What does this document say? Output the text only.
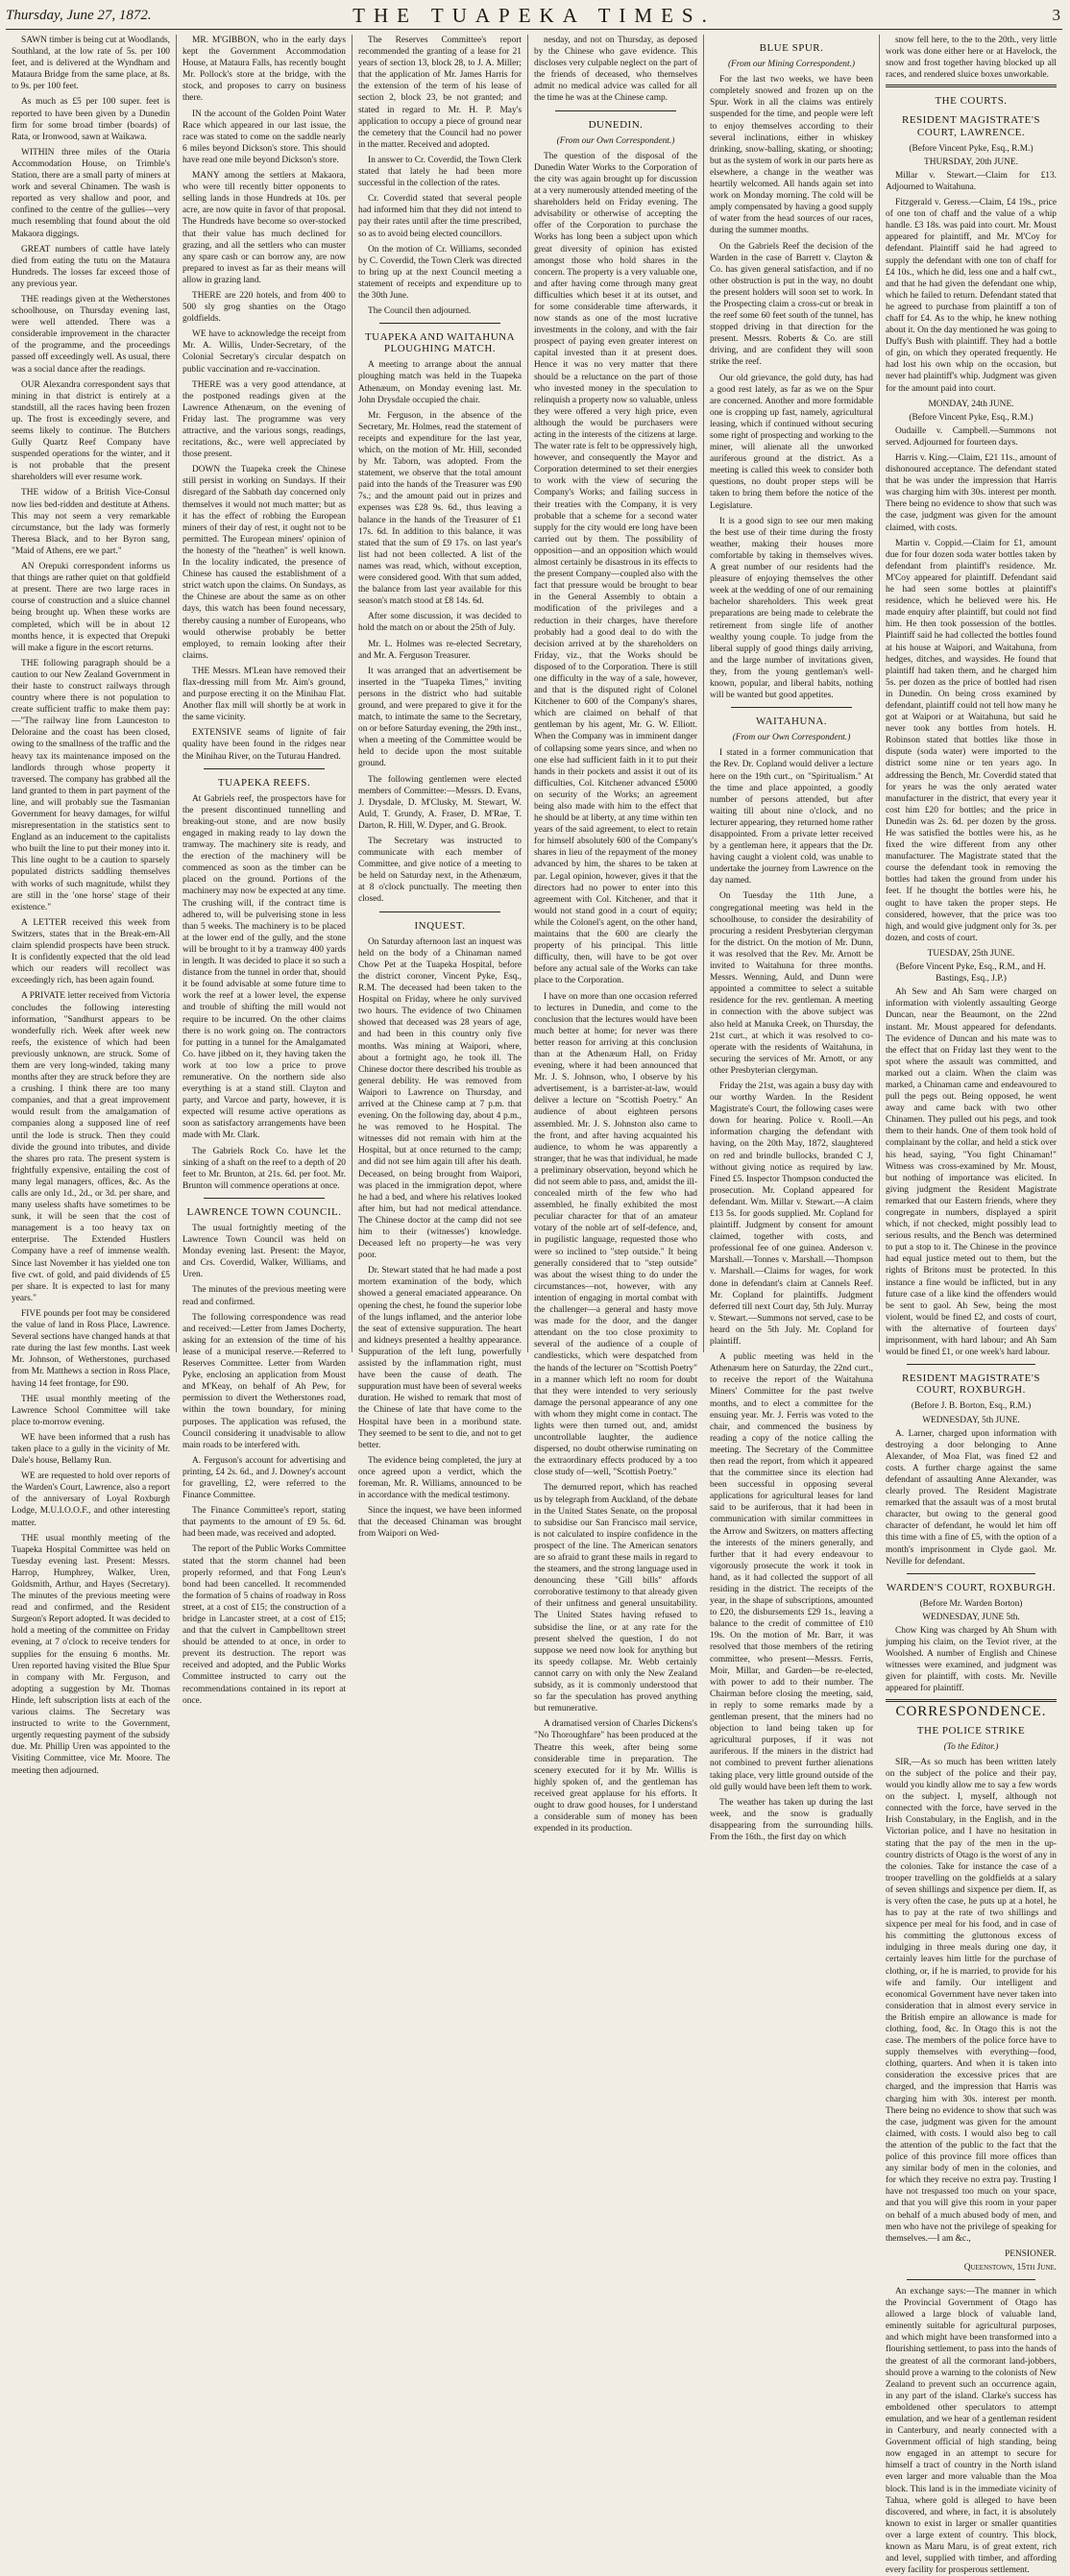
Thursday, June 27, 1872.	THE TUAPEKA TIMES.	3

SAWN timber is being cut at Woodlands, Southland, at the low rate of 5s. per 100 feet, and is delivered at the Wyndham and Mataura Bridge from the same place, at 8s. to 9s. per 100 feet.

As much as £5 per 100 super. feet is reported to have been given by a Dunedin firm for some broad timber (boards) of Rata, or Ironwood, sawn at Waikawa.

WITHIN three miles of the Otaria Accommodation House, on Trimble's Station, there are a small party of miners at work and several Chinamen. The wash is reported as very shallow and poor, and confined to the centre of the gullies—very much resembling that found about the old Makaora diggings.

GREAT numbers of cattle have lately died from eating the tutu on the Mataura Hundreds. The losses far exceed those of any previous year.

THE readings given at the Wetherstones schoolhouse, on Thursday evening last, were well attended. There was a considerable improvement in the character of the programme, and the proceedings passed off exceedingly well. As usual, there was a social dance after the readings.

OUR Alexandra correspondent says that mining in that district is entirely at a standstill, all the races having been frozen up. The frost is exceedingly severe, and seems likely to continue. The Butchers Gully Quartz Reef Company have suspended operations for the winter, and it is not probable that the present shareholders will ever resume work.

THE widow of a British Vice-Consul now lies bed-ridden and destitute at Athens. This may not seem a very remarkable circumstance, but the lady was formerly Theresa Black, and to her Byron sang, "Maid of Athens, ere we part."

AN Orepuki correspondent informs us that things are rather quiet on that goldfield at present. There are two large races in course of construction and a sluice channel being brought up. When these works are completed, which will be in about 12 months hence, it is expected that Orepuki will make a figure in the escort returns.

THE following paragraph should be a caution to our New Zealand Government in their haste to construct railways through country where there is not population to create sufficient traffic to make them pay:—"The railway line from Launceston to Deloraine and the coast has been closed, owing to the smallness of the traffic and the heavy tax its maintenance imposed on the landlords through whose property it traversed. The company has grabbed all the land granted to them in part payment of the line, and will probably sue the Tasmanian Government for heavy damages, for wilful misrepresentation in the statistics sent to England as an inducement to the capitalists who built the line to put their money into it. This line ought to be a caution to sparsely populated districts saddling themselves with works of such magnitude, whilst they are still in the 'one horse' stage of their existence."

A LETTER received this week from Switzers, states that in the Break-em-All claim splendid prospects have been struck. It is confidently expected that the old lead which our readers will recollect was exceedingly rich, has been again found.

A PRIVATE letter received from Victoria concludes the following interesting information, "Sandhurst appears to be wonderfully rich. Week after week new reefs, the existence of which had been previously unknown, are struck. Some of them are very long-winded, taking many months after they are struck before they are a crushing. I think there are too many companies, and that a great improvement would result from the amalgamation of companies along a supposed line of reef until the lode is struck. Then they could divide the ground into tributes, and divide the shares pro rata. The present system is frightfully expensive, entailing the cost of many legal managers, offices, &c. As the calls are only 1d., 2d., or 3d. per share, and many useless shafts have sometimes to be sunk, it will be seen that the cost of management is a too heavy tax on enterprise. The Extended Hustlers Company have a reef of immense wealth. Since last November it has yielded one ton five cwt. of gold, and paid dividends of £5 per share. It is expected to last for many years."

FIVE pounds per foot may be considered the value of land in Ross Place, Lawrence. Several sections have changed hands at that rate during the last few months. Last week Mr. Johnson, of Wetherstones, purchased from Mr. Matthews a section in Ross Place, having 14 feet frontage, for £90.

THE usual monthly meeting of the Lawrence School Committee will take place to-morrow evening.

WE have been informed that a rush has taken place to a gully in the vicinity of Mr. Dale's house, Bellamy Run.

WE are requested to hold over reports of the Warden's Court, Lawrence, also a report of the anniversary of Loyal Roxburgh Lodge, M.U.I.O.O.F., and other interesting matter.

THE usual monthly meeting of the Tuapeka Hospital Committee was held on Tuesday evening last. Present: Messrs. Harrop, Humphrey, Walker, Uren, Goldsmith, Arthur, and Hayes (Secretary). The minutes of the previous meeting were read and confirmed, and the Resident Surgeon's Report adopted. It was decided to hold a meeting of the committee on Friday evening, at 7 o'clock to receive tenders for supplies for the ensuing 6 months. Mr. Uren reported having visited the Blue Spur in company with Mr. Ferguson, and adopting a suggestion by Mr. Thomas Hinde, left subscription lists at each of the various claims. The Secretary was instructed to write to the Government, urgently requesting payment of the subsidy due. Mr. Phillip Uren was appointed to the Visiting Committee, vice Mr. Moore. The meeting then adjourned.

MR. M'GIBBON, who in the early days kept the Government Accommodation House, at Mataura Falls, has recently bought Mr. Pollock's store at the bridge, with the stock, and proposes to carry on business there.

IN the account of the Golden Point Water Race which appeared in our last issue, the race was stated to come on the saddle nearly 6 miles beyond Dickson's store. This should have read one mile beyond Dickson's store.

MANY among the settlers at Makaora, who were till recently bitter opponents to selling lands in those Hundreds at 10s. per acre, are now quite in favor of that proposal. The Hundreds have become so over-stocked that their value has much declined for grazing, and all the settlers who can muster any spare cash or can borrow any, are now prepared to invest as far as their means will allow in grazing land.

THERE are 220 hotels, and from 400 to 500 sly grog shanties on the Otago goldfields.

WE have to acknowledge the receipt from Mr. A. Willis, Under-Secretary, of the Colonial Secretary's circular despatch on public vaccination and re-vaccination.

THERE was a very good attendance, at the postponed readings given at the Lawrence Athenæum, on the evening of Friday last. The programme was very attractive, and the various songs, readings, recitations, &c., were well appreciated by those present.

DOWN the Tuapeka creek the Chinese still persist in working on Sundays. If their disregard of the Sabbath day concerned only themselves it would not much matter; but as it has the effect of robbing the European miners of their day of rest, it ought not to be permitted. The European miners' opinion of the honesty of the "heathen" is well known. In the locality indicated, the presence of Chinese has caused the establishment of a strict watch upon the claims. On Sundays, as the Chinese are about the same as on other days, this watch has been found necessary, thereby causing a number of Europeans, who would otherwise probably be better employed, to remain looking after their claims.

THE Messrs. M'Lean have removed their flax-dressing mill from Mr. Aim's ground, and purpose erecting it on the Minihau Flat. Another flax mill will shortly be at work in the same vicinity.

EXTENSIVE seams of lignite of fair quality have been found in the ridges near the Minihau River, on the Tuturau Handred.

TUAPEKA REEFS.

At Gabriels reef, the prospectors have for the present discontinued tunnelling and breaking-out stone, and are now busily engaged in making ready to lay down the tramway. The machinery site is ready, and the erection of the machinery will be commenced as soon as the timber can be placed on the ground. Portions of the machinery may now be expected at any time. The crushing will, if the contract time is adhered to, will be pulverising stone in less than 5 weeks. The machinery is to be placed at the lower end of the gully, and the stone will be brought to it by a tramway 400 yards in length. It was decided to place it so such a distance from the tunnel in order that, should it be found advisable at some future time to work the reef at a lower level, the expense and trouble of shifting the mill would not require to be incurred. On the other claims there is no work going on. The contractors for putting in a tunnel for the Amalgamated Co. have jibbed on it, they having taken the work at too low a price to prove remunerative. On the northern side also everything is at a stand still. Clayton and party, and Varcoe and party, however, it is expected will resume active operations as soon as satisfactory arrangements have been made with Mr. Clark.

The Gabriels Rock Co. have let the sinking of a shaft on the reef to a depth of 20 feet to Mr. Brunton, at 21s. 6d. per foot. Mr. Brunton will commence operations at once.

LAWRENCE TOWN COUNCIL.

The usual fortnightly meeting of the Lawrence Town Council was held on Monday evening last. Present: the Mayor, and Crs. Coverdid, Walker, Williams, and Uren.

The minutes of the previous meeting were read and confirmed.

The following correspondence was read and received:—Letter from James Docherty, asking for an extension of the time of his lease of a municipal reserve.—Referred to Reserves Committee. Letter from Warden Pyke, enclosing an application from Moust and M'Keay, on behalf of Ah Pew, for permission to divert the Wetherstones road, within the town boundary, for mining purposes. The application was refused, the Council considering it unadvisable to allow main roads to be interfered with.

A. Ferguson's account for advertising and printing, £4 2s. 6d., and J. Downey's account for gravelling, £2, were referred to the Finance Committee.

The Finance Committee's report, stating that payments to the amount of £9 5s. 6d. had been made, was received and adopted.

The report of the Public Works Committee stated that the storm channel had been properly reformed, and that Fong Leun's bond had been cancelled. It recommended the formation of 5 chains of roadway in Ross street, at a cost of £15; the construction of a bridge in Lancaster street, at a cost of £15; and that the culvert in Campbelltown street should be attended to at once, in order to prevent its destruction. The report was received and adopted, and the Public Works Committee instructed to carry out the recommendations contained in its report at once.

The Reserves Committee's report recommended the granting of a lease for 21 years of section 13, block 28, to J. A. Miller; that the application of Mr. James Harris for the extension of the term of his lease of section 2, block 23, be not granted; and stated in regard to Mr. H. P. May's application to occupy a piece of ground near the cemetery that the Council had no power in the matter. Received and adopted.

In answer to Cr. Coverdid, the Town Clerk stated that lately he had been more successful in the collection of the rates.

Cr. Coverdid stated that several people had informed him that they did not intend to pay their rates until after the time prescribed, so as to avoid being elected councillors.

On the motion of Cr. Williams, seconded by C. Coverdid, the Town Clerk was directed to bring up at the next Council meeting a statement of receipts and expenditure up to the 30th June.

The Council then adjourned.

TUAPEKA AND WAITAHUNA PLOUGHING MATCH.

A meeting to arrange about the annual ploughing match was held in the Tuapeka Athenæum, on Monday evening last. Mr. John Drysdale occupied the chair.

Mr. Ferguson, in the absence of the Secretary, Mr. Holmes, read the statement of receipts and expenditure for the last year, which, on the motion of Mr. Hill, seconded by Mr. Taborn, was adopted. From the statement, we observe that the total amount paid into the hands of the Treasurer was £90 7s.; and the amount paid out in prizes and expenses was £28 9s. 6d., thus leaving a balance in the hands of the Treasurer of £1 17s. 6d. In addition to this balance, it was stated that the sum of £9 17s. on last year's list had not been collected. A list of the names was read, which, without exception, were considered good. With that sum added, the balance from last year available for this season's match stood at £8 14s. 6d.

After some discussion, it was decided to hold the match on or about the 25th of July.

Mr. L. Holmes was re-elected Secretary, and Mr. A. Ferguson Treasurer.

It was arranged that an advertisement be inserted in the "Tuapeka Times," inviting persons in the district who had suitable ground, and were prepared to give it for the match, to intimate the same to the Secretary, on or before Saturday evening, the 29th inst., when a meeting of the Committee would be held to decide upon the most suitable ground.

The following gentlemen were elected members of Committee:—Messrs. D. Evans, J. Drysdale, D. M'Clusky, M. Stewart, W. Auld, T. Grundy, A. Fraser, D. M'Rae, T. Darton, R. Hill, W. Dyper, and G. Brook.

The Secretary was instructed to communicate with each member of Committee, and give notice of a meeting to be held on Saturday next, in the Athenæum, at 8 o'clock punctually. The meeting then closed.

INQUEST.

On Saturday afternoon last an inquest was held on the body of a Chinaman named Chow Pet at the Tuapeka Hospital, before the district coroner, Vincent Pyke, Esq., R.M. The deceased had been taken to the Hospital on Friday, where he only survived two hours. The evidence of two Chinamen showed that deceased was 28 years of age, and had been in this country only five months. Was mining at Waipori, where, about a fortnight ago, he took ill. The Chinese doctor there described his trouble as general debility. He was removed from Waipori to Lawrence on Thursday, and arrived at the Chinese camp at 7 p.m. that evening. On the following day, about 4 p.m., he was removed to he Hospital. The witnesses did not remain with him at the Hospital, but at once returned to the camp; and did not see him again till after his death. Deceased, on being brought from Waipori, was placed in the immigration depot, where he had a bed, and where his relatives looked after him, but had not medical attendance. The Chinese doctor at the camp did not see him to their (witnesses') knowledge. Deceased left no property—he was very poor.

Dr. Stewart stated that he had made a post mortem examination of the body, which showed a general emaciated appearance. On opening the chest, he found the superior lobe of the lungs inflamed, and the anterior lobe the seat of extensive suppuration. The heart and kidneys presented a healthy appearance. Suppuration of the left lung, powerfully assisted by the inflammation right, must have been the cause of death. The suppuration must have been of several weeks duration. He wished to remark that most of the Chinese of late that have come to the Hospital have been in a moribund state. They seemed to be sent to die, and not to get better.

The evidence being completed, the jury at once agreed upon a verdict, which the foreman, Mr. R. Williams, announced to be in accordance with the medical testimony.

Since the inquest, we have been informed that the deceased Chinaman was brought from Waipori on Wed-

nesday, and not on Thursday, as deposed by the Chinese who gave evidence. This discloses very culpable neglect on the part of the friends of deceased, who themselves admit no medical advice was called for all the time he was at the Chinese camp.

DUNEDIN.
(From our Own Correspondent.)

The question of the disposal of the Dunedin Water Works to the Corporation of the city was again brought up for discussion at a very numerously attended meeting of the shareholders held on Friday evening. The advisability or otherwise of accepting the offer of the Corporation to purchase the Works has long been a subject upon which great diversity of opinion has existed amongst those who hold shares in the concern. The property is a very valuable one, and after having come through many great difficulties which beset it at its outset, and for some considerable time afterwards, it now stands as one of the most lucrative investments in the colony, and with the fair prospect of paying even greater interest on capital invested than it at present does. Hence it was no very matter that there should be a reluctance on the part of those who invested money in the speculation to relinquish a property now so valuable, unless they were offered a very high price, even although the would be purchasers were acting in the interests of the citizens at large. The water rate is felt to be oppressively high, however, and consequently the Mayor and Corporation determined to set their energies to work with the view of securing the Company's Works; and failing success in their treaties with the Company, it is very probable that a scheme for a second water supply for the city would ere long have been carried out by them. The possibility of opposition—and an opposition which would almost certainly be disastrous in its effects to the present Company—coupled also with the fact that pressure would be brought to bear in the General Assembly to obtain a modification of the privileges and a reduction in their charges, have therefore probably had a good deal to do with the decision arrived at by the shareholders on Friday, viz., that the Works should be disposed of to the Corporation. There is still one difficulty in the way of a sale, however, and that is the disputed right of Colonel Kitchener to 600 of the Company's shares, which are claimed on behalf of that gentleman by his agent, Mr. G. W. Elliott. When the Company was in imminent danger of collapsing some years since, and when no one else had sufficient faith in it to put their hands in their pockets and assist it out of its difficulties, Col. Kitchener advanced £5000 on security of the Works; an agreement being also made with him to the effect that he should be at liberty, at any time within ten years of the said agreement, to elect to retain for himself absolutely 600 of the Company's shares in lieu of the repayment of the money advanced by him, the shares to be taken at par. Legal opinion, however, gives it that the directors had no power to enter into this agreement with Col. Kitchener, and that it would not stand good in a court of equity; while the Colonel's agent, on the other hand, maintains that the 600 are clearly the property of his principal. This little difficulty, then, will have to be got over before any actual sale of the Works can take place to the Corporation.

I have on more than one occasion referred to lectures in Dunedin, and come to the conclusion that the lectures would have been much better at home; for never was there better reason for arriving at this conclusion than at the Athenæum Hall, on Friday evening, where it had been announced that Mr. J. S. Johnson, who, I observe by his advertisement, is a barrister-at-law, would deliver a lecture on "Scottish Poetry." An audience of about eighteen persons assembled. Mr. J. S. Johnston also came to the front, and after having acquainted his audience, to whom he was apparently a stranger, that he was that individual, he made a preliminary observation, beyond which he did not seem able to pass, and, amidst the ill-concealed mirth of the few who had assembled, he finally exhibited the most peculiar character for that of an amateur votary of the noble art of self-defence, and, in pugilistic language, requested those who were so inclined to "step outside." It being generally considered that to "step outside" was about the wisest thing to do under the circumstances—not, however, with any intention of engaging in mortal combat with the challenger—a general and hasty move was made for the door, and the danger attendant on the too close proximity to several of the audience of a couple of candlesticks, which were despatched from the hands of the lecturer on "Scottish Poetry" in a manner which left no room for doubt that they were intended to very seriously damage the personal appearance of any one with whom they might come in contact. The lights were then turned out, and, amidst uncontrollable laughter, the audience dispersed, no doubt otherwise ruminating on the extraordinary effects produced by a too close study of—well, "Scottish Poetry."

The demurred report, which has reached us by telegraph from Auckland, of the debate in the United States Senate, on the proposal to subsidise our San Francisco mail service, is not calculated to inspire confidence in the prospect of the line. The American senators are so afraid to grant these mails in regard to the steamers, and the strong language used in denouncing these "Gill bills" affords corroborative testimony to that already given of their unfitness and general unsuitability. The United States having refused to subsidise the line, or at any rate for the present shelved the question, I do not suppose we need now look for anything but its speedy collapse. Mr. Webb certainly cannot carry on with only the New Zealand subsidy, as it is commonly understood that so far the speculation has proved anything but remunerative.

A dramatised version of Charles Dickens's "No Thoroughfare" has been produced at the Theatre this week, after being some considerable time in preparation. The scenery executed for it by Mr. Willis is highly spoken of, and the gentleman has received great applause for his efforts. It ought to draw good houses, for I understand a considerable sum of money has been expended in its production.

BLUE SPUR.
(From our Mining Correspondent.)

For the last two weeks, we have been completely snowed and frozen up on the Spur. Work in all the claims was entirely suspended for the time, and people were left to enjoy themselves according to their several inclinations, either in whiskey drinking, snow-balling, skating, or shooting; but as the system of work in our parts here as elsewhere, a change in the weather was heartily welcomed. All hands again set into work on Monday morning. The cold will be amply compensated by having a good supply of water from the head sources of our races, during the summer months.

On the Gabriels Reef the decision of the Warden in the case of Barrett v. Clayton & Co. has given general satisfaction, and if no other obstruction is put in the way, no doubt the present holders will soon set to work. In the Prospecting claim a cross-cut or break in the reef some 60 feet south of the tunnel, has stopped driving in that direction for the present. Messrs. Roberts & Co. are still driving, and are confident they will soon strike the reef.

Our old grievance, the gold duty, has had a good rest lately, as far as we on the Spur are concerned. Another and more formidable one is cropping up fast, namely, agricultural leasing, which if continued without securing some right of prospecting and working to the miner, will alienate all the unworked auriferous ground at the district. As a meeting is called this week to consider both questions, no doubt proper steps will be taken to bring them before the notice of the Legislature.

It is a good sign to see our men making the best use of their time during the frosty weather, making their houses more comfortable by taking in themselves wives. A great number of our residents had the pleasure of enjoying themselves the other week at the wedding of one of our remaining bachelor shareholders. This week great preparations are being made to celebrate the retirement from single life of another wealthy young couple. To judge from the liberal supply of good things daily arriving, and the large number of invitations given, they, from the young gentleman's well-known, popular, and liberal habits, nothing will be wanted but good appetites.

WAITAHUNA.
(From our Own Correspondent.)

I stated in a former communication that the Rev. Dr. Copland would deliver a lecture here on the 19th curt., on "Spiritualism." At the time and place appointed, a goodly number of persons attended, but after waiting till about nine o'clock, and no lecturer appearing, they returned home rather disappointed. From a private letter received by a gentleman here, it appears that the Dr. having caught a violent cold, was unable to undertake the journey from Lawrence on the day named.

On Tuesday the 11th June, a congregational meeting was held in the schoolhouse, to consider the desirability of procuring a resident Presbyterian clergyman for the district. On the motion of Mr. Dunn, it was resolved that the Rev. Mr. Arnott be invited to Waitahuna for three months. Messrs. Wenning, Auld, and Dunn were appointed a committee to select a suitable residence for the rev. gentleman. A meeting in connection with the above subject was also held at Manuka Creek, on Thursday, the 21st curt., at which it was resolved to co-operate with the residents of Waitahuna, in securing the services of Mr. Arnott, or any other Presbyterian clergyman.

Friday the 21st, was again a busy day with our worthy Warden. In the Resident Magistrate's Court, the following cases were down for hearing. Police v. Rooll.—An information charging the defendant with having, on the 20th May, 1872, slaughtered on red and brindle bullocks, branded C J, without giving notice as required by law. Fined £5. Inspector Thompson conducted the prosecution. Mr. Copland appeared for defendant. Wm. Millar v. Stewart.—A claim £13 5s. for goods supplied. Mr. Copland for plaintiff. Judgment by consent for amount claimed, together with costs, and professional fee of one guinea. Anderson v. Marshall.—Tonnes v. Marshall.—Thompson v. Marshall.—Claims for wages, for work done in defendant's claim at Cannels Reef. Mr. Copland for plaintiffs. Judgment deferred till next Court day, 5th July. Murray v. Stewart.—Summons not served, case to be heard on the 5th July. Mr. Copland for plaintiff.

A public meeting was held in the Athenæum here on Saturday, the 22nd curt., to receive the report of the Waitahuna Miners' Committee for the past twelve months, and to elect a committee for the ensuing year. Mr. J. Ferris was voted to the chair, and commenced the business by reading a copy of the notice calling the meeting. The Secretary of the Committee then read the report, from which it appeared that the committee since its election had been successful in opposing several applications for agricultural leases for land said to be auriferous, that it had been in communication with similar committees in the Arrow and Switzers, on matters affecting the interests of the miners generally, and further that it had every endeavour to vigorously prosecute the work it took in hand, as it had collected the support of all residing in the district. The receipts of the year, in the shape of subscriptions, amounted to £20, the disbursements £29 1s., leaving a balance to the credit of committee of £10 19s. On the motion of Mr. Barr, it was resolved that those members of the retiring committee, who present—Messrs. Ferris, Moir, Millar, and Garden—be re-elected, with power to add to their number. The Chairman before closing the meeting, said, in reply to some remarks made by a gentleman present, that the miners had no objection to land being taken up for agricultural purposes, if it was not auriferous. If the miners in the district had not combined to prevent further alienations taking place, very little ground outside of the old gully would have been left them to work.

The weather has taken up during the last week, and the snow is gradually disappearing from the surrounding hills. From the 16th., the first day on which

snow fell here, to the to the 20th., very little work was done either here or at Havelock, the snow and frost together having blocked up all races, and rendered sluice boxes unworkable.

THE COURTS.
RESIDENT MAGISTRATE'S COURT, LAWRENCE.
(Before Vincent Pyke, Esq., R.M.)
THURSDAY, 20th JUNE.

Millar v. Stewart.—Claim for £13. Adjourned to Waitahuna.

Fitzgerald v. Geress.—Claim, £4 19s., price of one ton of chaff and the value of a whip handle. £3 18s. was paid into court. Mr. Moust appeared for plaintiff, and Mr. M'Coy for defendant. Plaintiff said he had agreed to supply the defendant with one ton of chaff for £4 10s., which he did, less one and a half cwt., and that he had given the defendant one whip, which he failed to return. Defendant stated that he agreed to purchase from plaintiff a ton of chaff for £4. As to the whip, he knew nothing about it. On the day mentioned he was going to Duffy's Bush with plaintiff. They had a bottle of gin, on which they operated frequently. He had lost his own whip on the occasion, but never had plaintiff's whip. Judgment was given for the amount paid into court.

MONDAY, 24th JUNE.
(Before Vincent Pyke, Esq., R.M.)

Oudaille v. Campbell.—Summons not served. Adjourned for fourteen days.

Harris v. King.—Claim, £21 11s., amount of dishonoured acceptance. The defendant stated that he was under the impression that Harris was charging him with 30s. interest per month. There being no evidence to show that such was the case, judgment was given for the amount claimed, with costs.

Martin v. Coppid.—Claim for £1, amount due for four dozen soda water bottles taken by defendant from plaintiff's residence. Mr. M'Coy appeared for plaintiff. Defendant said he had seen some bottles at plaintiff's residence, which he believed were his. He made enquiry after plaintiff, but could not find him. He then took possession of the bottles. Plaintiff said he had collected the bottles found at his house at Waipori, and Waitahuna, from hedges, ditches, and waysides. He found that plaintiff had taken them, and he charged him 5s. per dozen as the price of bottled had risen in Dunedin. On being cross examined by defendant, plaintiff could not tell how many he got at Waipori or at Waitahuna, but said he never took any bottles from hotels. H. Robinson stated that bottles like those in dispute (soda water) were imported to the district some nine or ten years ago. In addressing the Bench, Mr. Coverdid stated that for years he was the only aerated water manufacturer in the district, that every year it cost him £20 for bottles; and the price in Dunedin was 2s. 6d. per dozen by the gross. He was satisfied the bottles were his, as he fixed the wire different from any other manufacturer. The Magistrate stated that the course the defendant took in removing the bottles had taken the ground from under his feet. If he thought the bottles were his, he ought to have taken the proper steps. He considered, however, that the price was too high, and would give judgment only for 3s. per dozen, and costs of court.

TUESDAY, 25th JUNE.
(Before Vincent Pyke, Esq., R.M., and H. Bastings, Esq., J.P.)

Ah Sew and Ah Sam were charged on information with violently assaulting George Duncan, near the Beaumont, on the 22nd instant. Mr. Moust appeared for defendants. The evidence of Duncan and his mate was to the effect that on Friday last they went to the spot where the assault was committed, and marked out a claim. When the claim was marked, a Chinaman came and endeavoured to pull the pegs out. Being opposed, he went away and came back with two other Chinamen. They pulled out his pegs, and took them to their hands. One of them took hold of complainant by the collar, and held a stick over his head, saying, "You fight Chinaman!" Witness was cross-examined by Mr. Moust, but nothing of importance was elicited. In giving judgment the Resident Magistrate remarked that our Eastern friends, where they congregate in numbers, displayed a spirit which, if not checked, might possibly lead to serious results, and the Bench was determined to put a stop to it. The Chinese in the province had equal justice meted out to them, but the rights of Britons must be protected. In this instance a fine would be inflicted, but in any future case of a like kind the offenders would be sent to gaol. Ah Sew, being the most violent, would be fined £2, and costs of court, with the alternative of fourteen days' imprisonment, with hard labour; and Ah Sam would be fined £1, or one week's hard labour.

RESIDENT MAGISTRATE'S COURT, ROXBURGH.
(Before J. B. Borton, Esq., R.M.)
WEDNESDAY, 5th JUNE.

A. Larner, charged upon information with destroying a door belonging to Anne Alexander, of Moa Flat, was fined £2 and costs. A further charge against the same defendant of assaulting Anne Alexander, was clearly proved. The Resident Magistrate remarked that the assault was of a most brutal character, but owing to the general good character of defendant, he would let him off this time with a fine of £5, with the option of a month's imprisonment in Clyde gaol. Mr. Neville for defendant.

WARDEN'S COURT, ROXBURGH.
(Before Mr. Warden Borton)
WEDNESDAY, JUNE 5th.

Chow King was charged by Ah Shum with jumping his claim, on the Teviot river, at the Woolshed. A number of English and Chinese witnesses were examined, and judgment was given for plaintiff, with costs. Mr. Neville appeared for plaintiff.

CORRESPONDENCE.
THE POLICE STRIKE
(To the Editor.)

SIR,—As so much has been written lately on the subject of the police and their pay, would you kindly allow me to say a few words on the subject. I, myself, although not connected with the force, have served in the Irish Constabulary, in the English, and in the Victorian police, and I have no hesitation in stating that the pay of the men in the up-country districts of Otago is the worst of any in the colonies. Take for instance the case of a trooper travelling on the goldfields at a salary of seven shillings and sixpence per diem. If, as is very often the case, he puts up at a hotel, he has to pay at the rate of two shillings and sixpence per meal for his food, and in case of his committing the gluttonous excess of indulging in three meals during one day, it certainly leaves him little for the purchase of clothing, or, if he is married, to provide for his wife and family. Our intelligent and economical Government have never taken into consideration that in almost every service in the British empire an allowance is made for clothing, food, &c. In Otago this is not the case. The members of the police force have to supply themselves with everything—food, clothing, quarters. And when it is taken into consideration the excessive prices that are charged, and the impression that Harris was charging him with 30s. interest per month. There being no evidence to show that such was the case, judgment was given for the amount claimed, with costs. I would also beg to call the attention of the public to the fact that the police of this province fill more offices than any similar body of men in the colonies, and for which they receive no extra pay. Trusting I have not trespassed too much on your space, and that you will give this room in your paper on behalf of a much abused body of men, and men who have not the privilege of speaking for themselves.—I am &c.,

PENSIONER.
Queenstown, 15th June.

An exchange says:—The manner in which the Provincial Government of Otago has allowed a large block of valuable land, eminently suitable for agricultural purposes, and which might have been transformed into a flourishing settlement, to pass into the hands of the greatest of all the cormorant land-jobbers, should prove a warning to the colonists of New Zealand to prevent such an occurrence again, in any part of the island. Clarke's success has emboldened other speculators to attempt emulation, and we hear of a gentleman resident in Canterbury, and nearly connected with a Government official of high standing, being now engaged in an attempt to secure for himself a tract of country in the North island even larger and more valuable than the Moa block. This land is in the immediate vicinity of Tahua, where gold is alleged to have been discovered, and where, in fact, it is absolutely known to exist in larger or smaller quantities over a large extent of country. This block, known as Maru Maru, is of great extent, rich and level, supplied with timber, and affording every facility for prosperous settlement.
